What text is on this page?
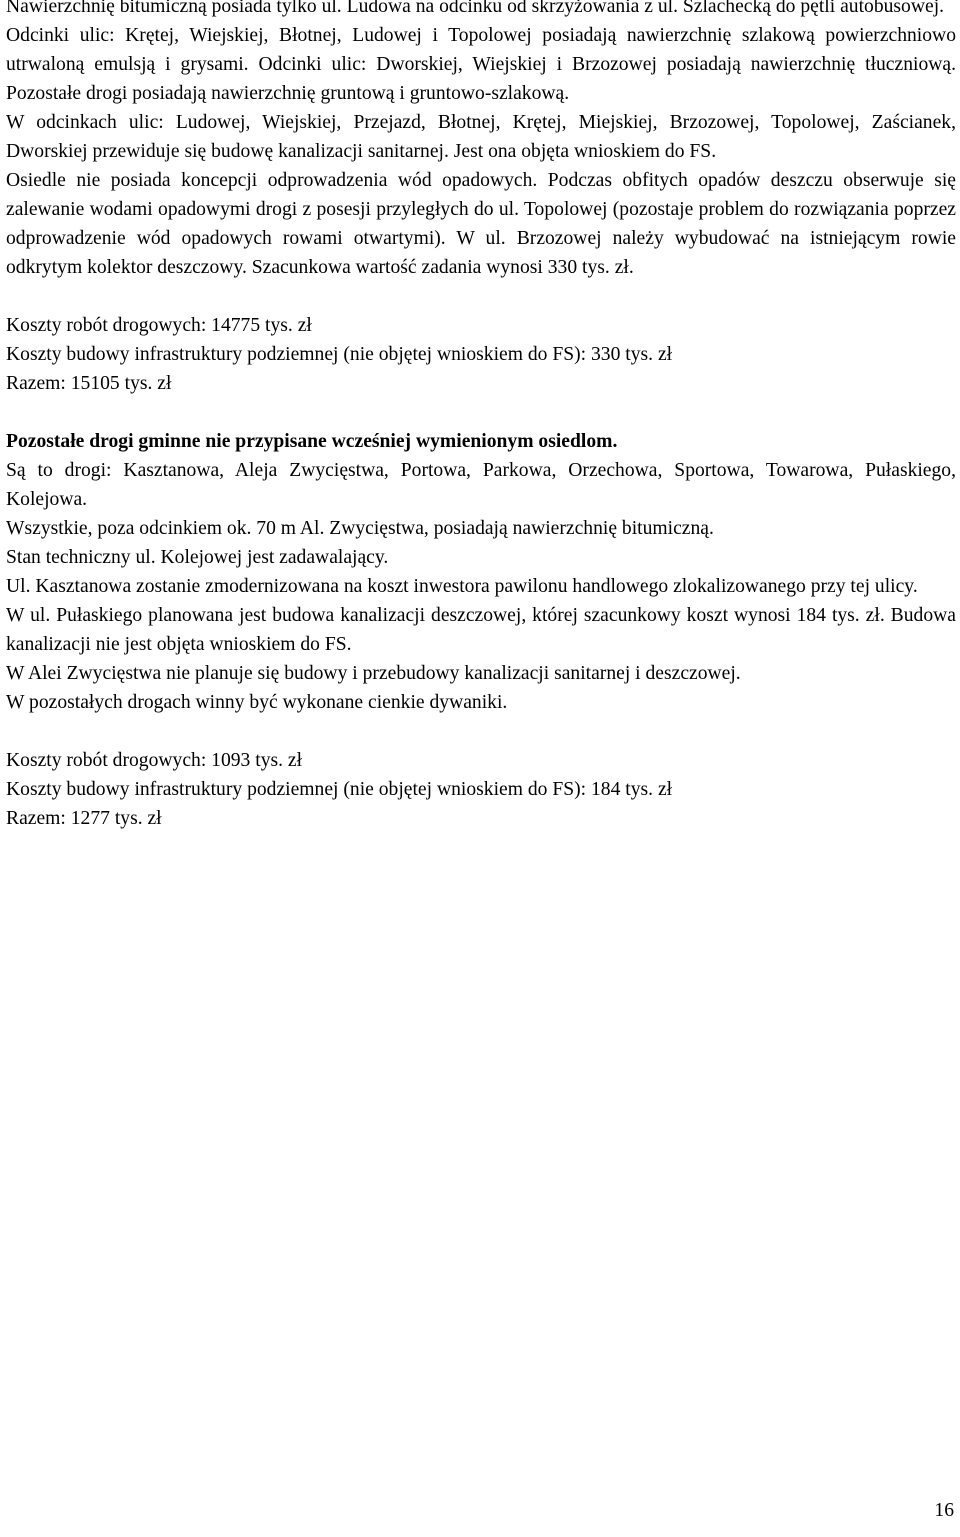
Nawierzchnię bitumiczną posiada tylko ul. Ludowa na odcinku od skrzyżowania z ul. Szlachecką do pętli autobusowej.

Odcinki ulic: Krętej, Wiejskiej, Błotnej, Ludowej i Topolowej posiadają nawierzchnię szlakową powierzchniowo utrwaloną emulsją i grysami. Odcinki ulic: Dworskiej, Wiejskiej i Brzozowej posiadają nawierzchnię tłuczniową. Pozostałe drogi posiadają nawierzchnię gruntową i gruntowo-szlakową.

W odcinkach ulic: Ludowej, Wiejskiej, Przejazd, Błotnej, Krętej, Miejskiej, Brzozowej, Topolowej, Zaścianek, Dworskiej przewiduje się budowę kanalizacji sanitarnej. Jest ona objęta wnioskiem do FS.

Osiedle nie posiada koncepcji odprowadzenia wód opadowych. Podczas obfitych opadów deszczu obserwuje się zalewanie wodami opadowymi drogi z posesji przyległych do ul. Topolowej (pozostaje problem do rozwiązania poprzez odprowadzenie wód opadowych rowami otwartymi). W ul. Brzozowej należy wybudować na istniejącym rowie odkrytym kolektor deszczowy. Szacunkowa wartość zadania wynosi 330 tys. zł.

Koszty robót drogowych: 14775 tys. zł

Koszty budowy infrastruktury podziemnej (nie objętej wnioskiem do FS): 330 tys. zł

Razem: 15105 tys. zł

Pozostałe drogi gminne nie przypisane wcześniej wymienionym osiedlom.

Są to drogi: Kasztanowa, Aleja Zwycięstwa, Portowa, Parkowa, Orzechowa, Sportowa, Towarowa, Pułaskiego, Kolejowa.

Wszystkie, poza odcinkiem ok. 70 m Al. Zwycięstwa, posiadają nawierzchnię bitumiczną.

Stan techniczny ul. Kolejowej jest zadawalający.

Ul. Kasztanowa zostanie zmodernizowana na koszt inwestora pawilonu handlowego zlokalizowanego przy tej ulicy.

W ul. Pułaskiego planowana jest budowa kanalizacji deszczowej, której szacunkowy koszt wynosi 184 tys. zł. Budowa kanalizacji nie jest objęta wnioskiem do FS.

W Alei Zwycięstwa nie planuje się budowy i przebudowy kanalizacji sanitarnej i deszczowej.

W pozostałych drogach winny być wykonane cienkie dywaniki.

Koszty robót drogowych: 1093 tys. zł

Koszty budowy infrastruktury podziemnej (nie objętej wnioskiem do FS): 184 tys. zł

Razem: 1277 tys. zł

16
